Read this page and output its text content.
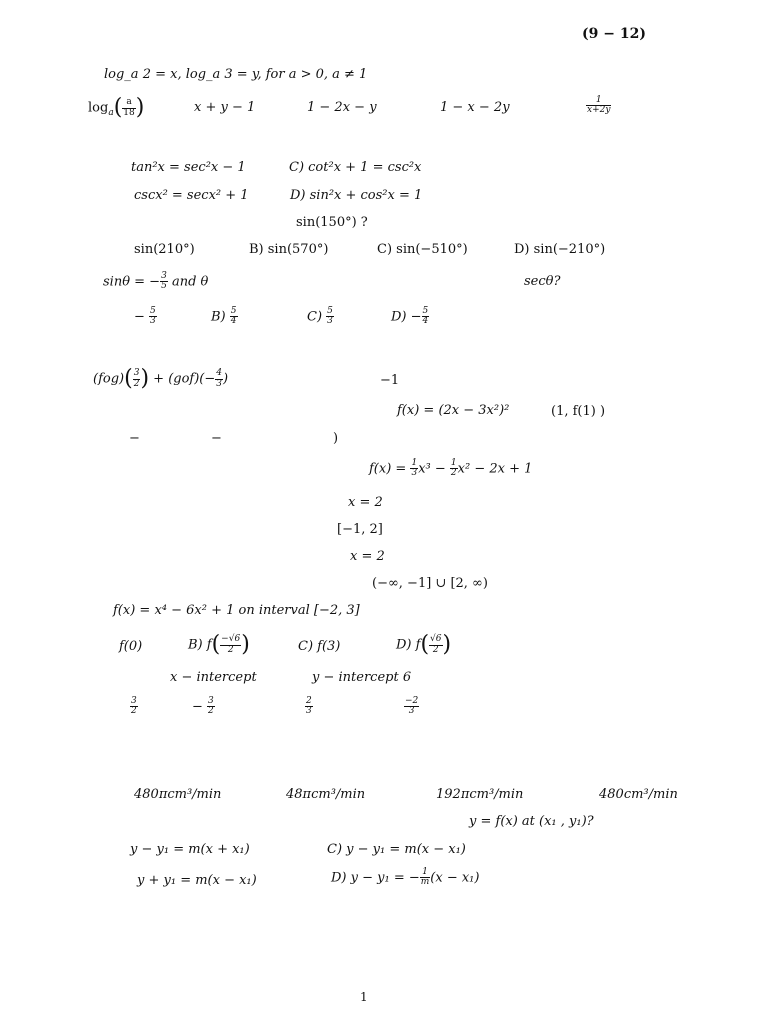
(9 − 12)
log_a 2 = x, log_a 3 = y, for a > 0, a ≠ 1
$\log_a( \frac{a}{18}$ )	x + y − 1	1 − 2x − y	1 − x − 2y	$\frac{1}{x+2y}$
tan²x = sec²x − 1	C) cot²x + 1 = csc²x
cscx² = secx² + 1	D) sin²x + cos²x = 1
sin(150°) ?
sin(210°)	B) sin(570°)	C) sin(−510°)	D) sin(−210°)
sinθ = − $\frac{3}{5}$ and θ	secθ?
− $\frac{5}{3}$	$B) \frac{5}{4}$	$C) \frac{5}{3}$	$D) - \frac{5}{4}$
$(fog)( \frac{3}{2}$ ) + $(gof)(- \frac{4}{3}$ )	−1
f(x) = (2x − 3x²)²	(1, f(1) )
−	−	)
$f(x) = \frac{1}{3} x^3 - \frac{1}{2} x^2 - 2x + 1$
x = 2
[−1, 2]
x = 2
(−∞, −1] ∪ [2, ∞)
f(x) = x⁴ − 6x² + 1 on interval [−2, 3]
f(0)	B) $f( \frac{-√6}{2}$ )	C) f(3)	D) $f( \frac{√6}{2}$ )
x − intercept	y − intercept 6
$\frac{3}{2}$	− $\frac{3}{2}$	$\frac{2}{3}$	$\frac{-2}{3}$
480πcm³/min	48πcm³/min	192πcm³/min	480cm³/min
y = f(x) at (x₁ , y₁)?
y − y₁ = m(x + x₁)	C) y − y₁ = m(x − x₁)
y + y₁ = m(x − x₁)	D) y − y₁ = − $\frac{1}{m} (x - x_1)$
1
